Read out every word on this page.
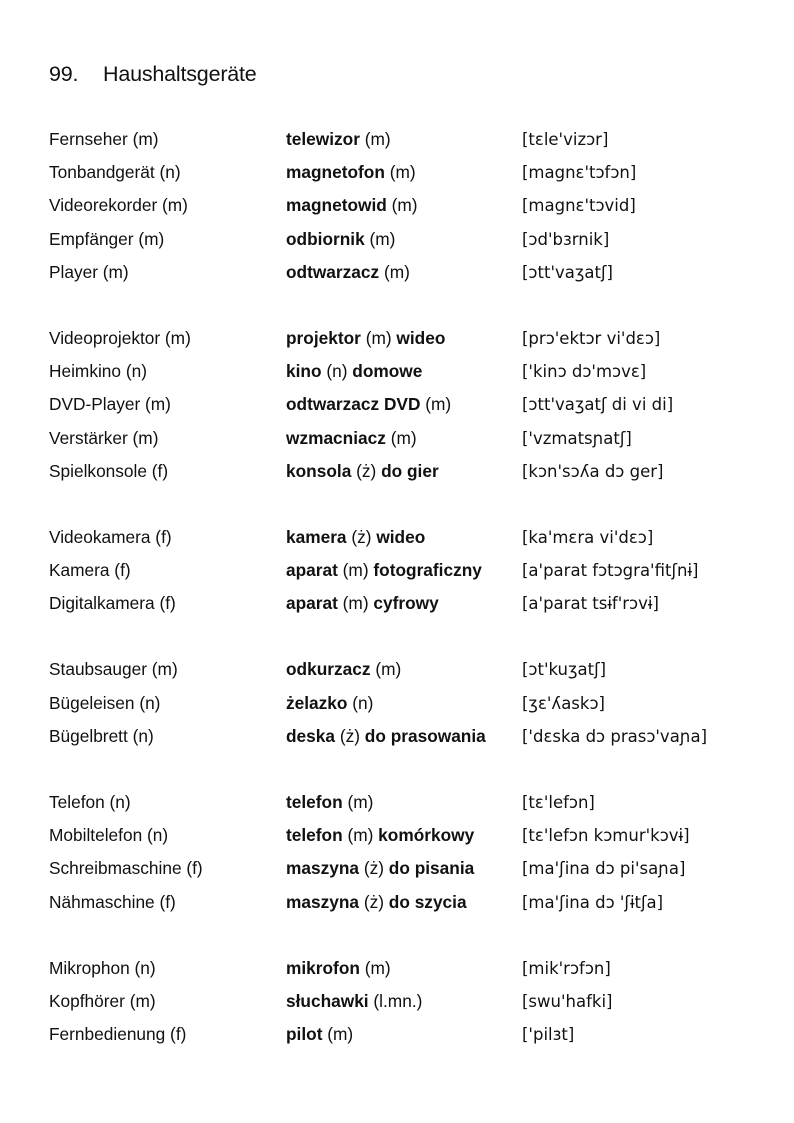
99. Haushaltsgeräte
Fernseher (m)	telewizor (m)	[tɛle'vizɔr]
Tonbandgerät (n)	magnetofon (m)	[magnɛ'tɔfɔn]
Videorekorder (m)	magnetowid (m)	[magnɛ'tɔvid]
Empfänger (m)	odbiornik (m)	[ɔd'bɜrnik]
Player (m)	odtwarzacz (m)	[ɔtt'vaʒatʃ]
Videoprojektor (m)	projektor (m) wideo	[prɔ'ektɔr vi'dɛɔ]
Heimkino (n)	kino (n) domowe	['kinɔ dɔ'mɔvɛ]
DVD-Player (m)	odtwarzacz DVD (m)	[ɔtt'vaʒatʃ di vi di]
Verstärker (m)	wzmacniacz (m)	['vzmatsɲatʃ]
Spielkonsole (f)	konsola (ż) do gier	[kɔn'sɔʎa dɔ ger]
Videokamera (f)	kamera (ż) wideo	[ka'mɛra vi'dɛɔ]
Kamera (f)	aparat (m) fotograficzny [a'parat fɔtɔgra'fitʃnɨ]
Digitalkamera (f)	aparat (m) cyfrowy	[a'parat tsɨf'rɔvɨ]
Staubsauger (m)	odkurzacz (m)	[ɔt'kuʒatʃ]
Bügeleisen (n)	żelazko (n)	[ʒɛ'ʎaskɔ]
Bügelbrett (n)	deska (ż) do prasowania ['dɛska dɔ prasɔ'vaɲa]
Telefon (n)	telefon (m)	[tɛ'lefɔn]
Mobiltelefon (n)	telefon (m) komórkowy	[tɛ'lefɔn kɔmur'kɔvɨ]
Schreibmaschine (f)	maszyna (ż) do pisania	[ma'ʃina dɔ pi'saɲa]
Nähmaschine (f)	maszyna (ż) do szycia	[ma'ʃina dɔ 'ʃɨtʃa]
Mikrophon (n)	mikrofon (m)	[mik'rɔfɔn]
Kopfhörer (m)	słuchawki (l.mn.)	[swu'hafki]
Fernbedienung (f)	pilot (m)	['pilɜt]
